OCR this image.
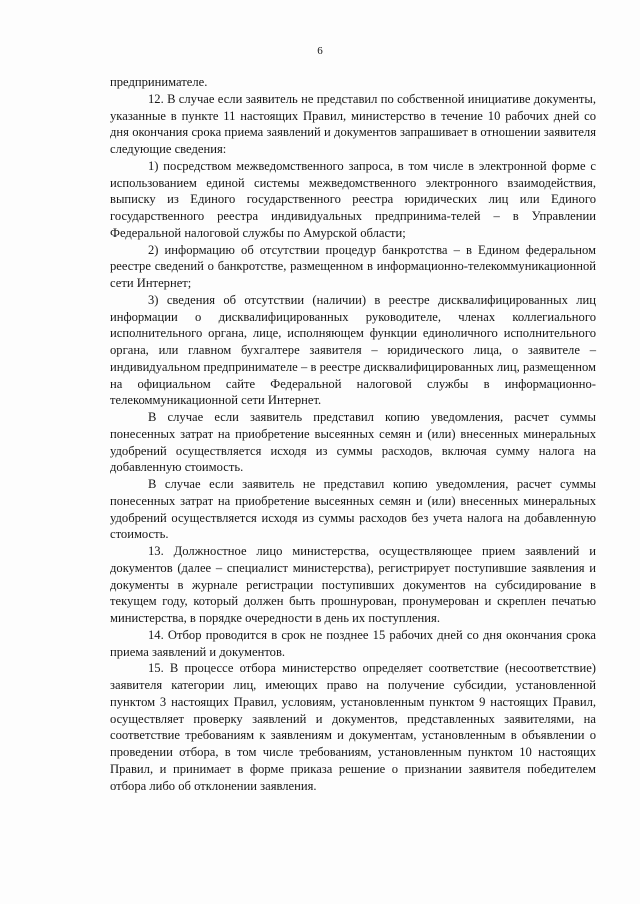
6

предпринимателе.

12. В случае если заявитель не представил по собственной инициативе документы, указанные в пункте 11 настоящих Правил, министерство в течение 10 рабочих дней со дня окончания срока приема заявлений и документов запрашивает в отношении заявителя следующие сведения:

1) посредством межведомственного запроса, в том числе в электронной форме с использованием единой системы межведомственного электронного взаимодействия, выписку из Единого государственного реестра юридических лиц или Единого государственного реестра индивидуальных предпринима-телей – в Управлении Федеральной налоговой службы по Амурской области;

2) информацию об отсутствии процедур банкротства – в Едином федеральном реестре сведений о банкротстве, размещенном в информационно-телекоммуникационной сети Интернет;

3) сведения об отсутствии (наличии) в реестре дисквалифицированных лиц информации о дисквалифицированных руководителе, членах коллегиального исполнительного органа, лице, исполняющем функции единоличного исполнительного органа, или главном бухгалтере заявителя – юридического лица, о заявителе – индивидуальном предпринимателе – в реестре дисквалифицированных лиц, размещенном на официальном сайте Федеральной налоговой службы в информационно-телекоммуникационной сети Интернет.

В случае если заявитель представил копию уведомления, расчет суммы понесенных затрат на приобретение высеянных семян и (или) внесенных минеральных удобрений осуществляется исходя из суммы расходов, включая сумму налога на добавленную стоимость.

В случае если заявитель не представил копию уведомления, расчет суммы понесенных затрат на приобретение высеянных семян и (или) внесенных минеральных удобрений осуществляется исходя из суммы расходов без учета налога на добавленную стоимость.

13. Должностное лицо министерства, осуществляющее прием заявлений и документов (далее – специалист министерства), регистрирует поступившие заявления и документы в журнале регистрации поступивших документов на субсидирование в текущем году, который должен быть прошнурован, пронумерован и скреплен печатью министерства, в порядке очередности в день их поступления.

14. Отбор проводится в срок не позднее 15 рабочих дней со дня окончания срока приема заявлений и документов.

15. В процессе отбора министерство определяет соответствие (несоответствие) заявителя категории лиц, имеющих право на получение субсидии, установленной пунктом 3 настоящих Правил, условиям, установленным пунктом 9 настоящих Правил, осуществляет проверку заявлений и документов, представленных заявителями, на соответствие требованиям к заявлениям и документам, установленным в объявлении о проведении отбора, в том числе требованиям, установленным пунктом 10 настоящих Правил, и принимает в форме приказа решение о признании заявителя победителем отбора либо об отклонении заявления.
